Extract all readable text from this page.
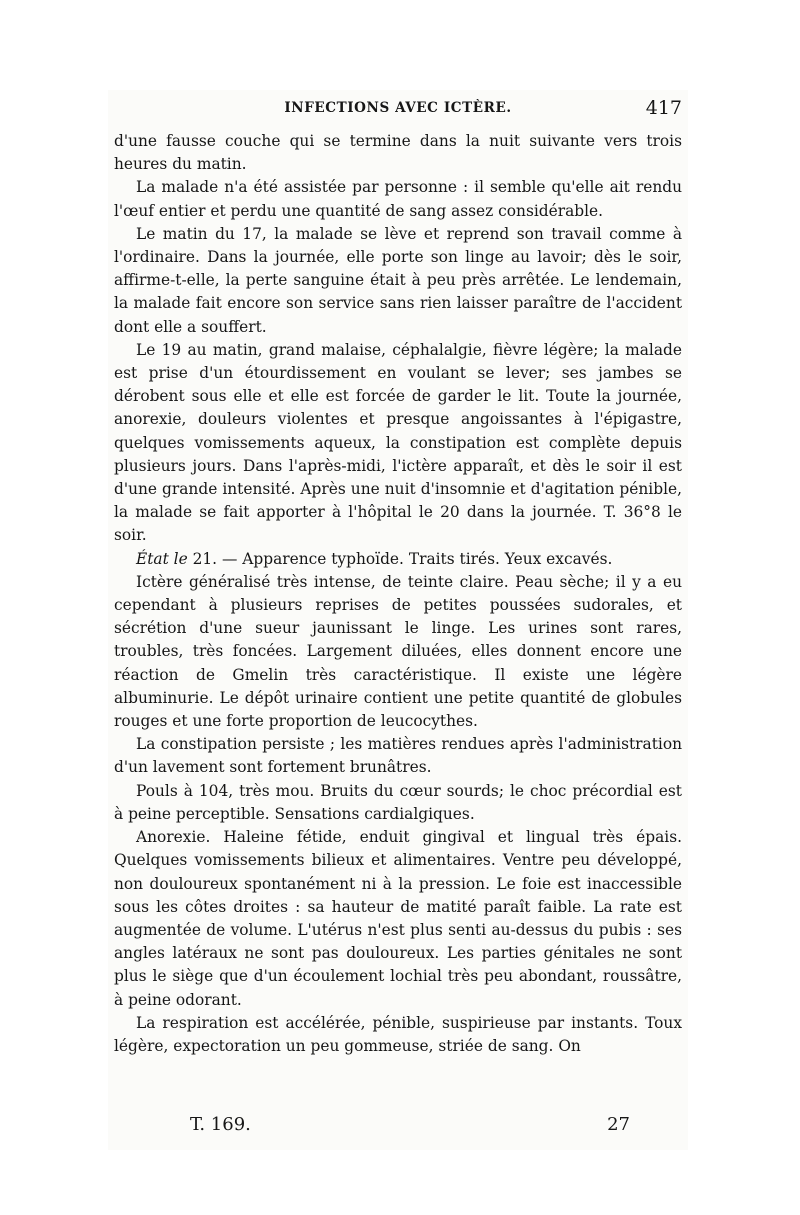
INFECTIONS AVEC ICTÈRE.	417

d'une fausse couche qui se termine dans la nuit suivante vers trois heures du matin.

La malade n'a été assistée par personne : il semble qu'elle ait rendu l'œuf entier et perdu une quantité de sang assez considérable.

Le matin du 17, la malade se lève et reprend son travail comme à l'ordinaire. Dans la journée, elle porte son linge au lavoir; dès le soir, affirme-t-elle, la perte sanguine était à peu près arrêtée. Le lendemain, la malade fait encore son service sans rien laisser paraître de l'accident dont elle a souffert.

Le 19 au matin, grand malaise, céphalalgie, fièvre légère; la malade est prise d'un étourdissement en voulant se lever; ses jambes se dérobent sous elle et elle est forcée de garder le lit. Toute la journée, anorexie, douleurs violentes et presque angoissantes à l'épigastre, quelques vomissements aqueux, la constipation est complète depuis plusieurs jours. Dans l'après-midi, l'ictère apparaît, et dès le soir il est d'une grande intensité. Après une nuit d'insomnie et d'agitation pénible, la malade se fait apporter à l'hôpital le 20 dans la journée. T. 36°8 le soir.

État le 21. — Apparence typhoïde. Traits tirés. Yeux excavés.

Ictère généralisé très intense, de teinte claire. Peau sèche; il y a eu cependant à plusieurs reprises de petites poussées sudorales, et sécrétion d'une sueur jaunissant le linge. Les urines sont rares, troubles, très foncées. Largement diluées, elles donnent encore une réaction de Gmelin très caractéristique. Il existe une légère albuminurie. Le dépôt urinaire contient une petite quantité de globules rouges et une forte proportion de leucocythes.

La constipation persiste ; les matières rendues après l'administration d'un lavement sont fortement brunâtres.

Pouls à 104, très mou. Bruits du cœur sourds; le choc précordial est à peine perceptible. Sensations cardialgiques.

Anorexie. Haleine fétide, enduit gingival et lingual très épais. Quelques vomissements bilieux et alimentaires. Ventre peu développé, non douloureux spontanément ni à la pression. Le foie est inaccessible sous les côtes droites : sa hauteur de matité paraît faible. La rate est augmentée de volume. L'utérus n'est plus senti au-dessus du pubis : ses angles latéraux ne sont pas douloureux. Les parties génitales ne sont plus le siège que d'un écoulement lochial très peu abondant, roussâtre, à peine odorant.

La respiration est accélérée, pénible, suspirieuse par instants. Toux légère, expectoration un peu gommeuse, striée de sang. On

T. 169.	27
